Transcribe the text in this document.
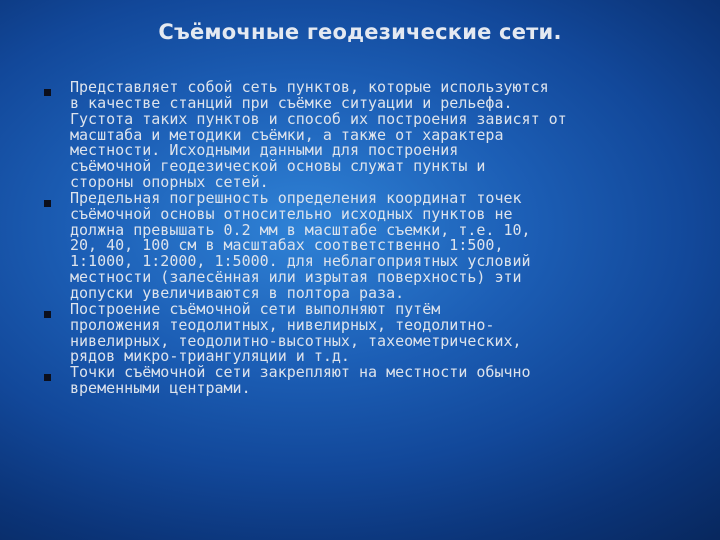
Съёмочные геодезические сети.
Представляет собой сеть пунктов, которые используются
в качестве станций при съёмке ситуации и рельефа.
Густота таких пунктов и способ их построения зависят от
масштаба и методики съёмки, а также от характера
местности. Исходными данными для построения
съёмочной геодезической основы служат пункты и
стороны опорных сетей.
Предельная погрешность определения координат точек
съёмочной основы относительно исходных пунктов не
должна превышать 0.2 мм в масштабе съемки, т.е. 10,
20, 40, 100 см в масштабах соответственно 1:500,
1:1000, 1:2000, 1:5000. для неблагоприятных условий
местности (залесённая или изрытая поверхность) эти
допуски увеличиваются в полтора раза.
Построение съёмочной сети выполняют путём
проложения теодолитных, нивелирных, теодолитно-
нивелирных, теодолитно-высотных, тахеометрических,
рядов микро-триангуляции и т.д.
Точки съёмочной сети закрепляют на местности обычно
временными центрами.
